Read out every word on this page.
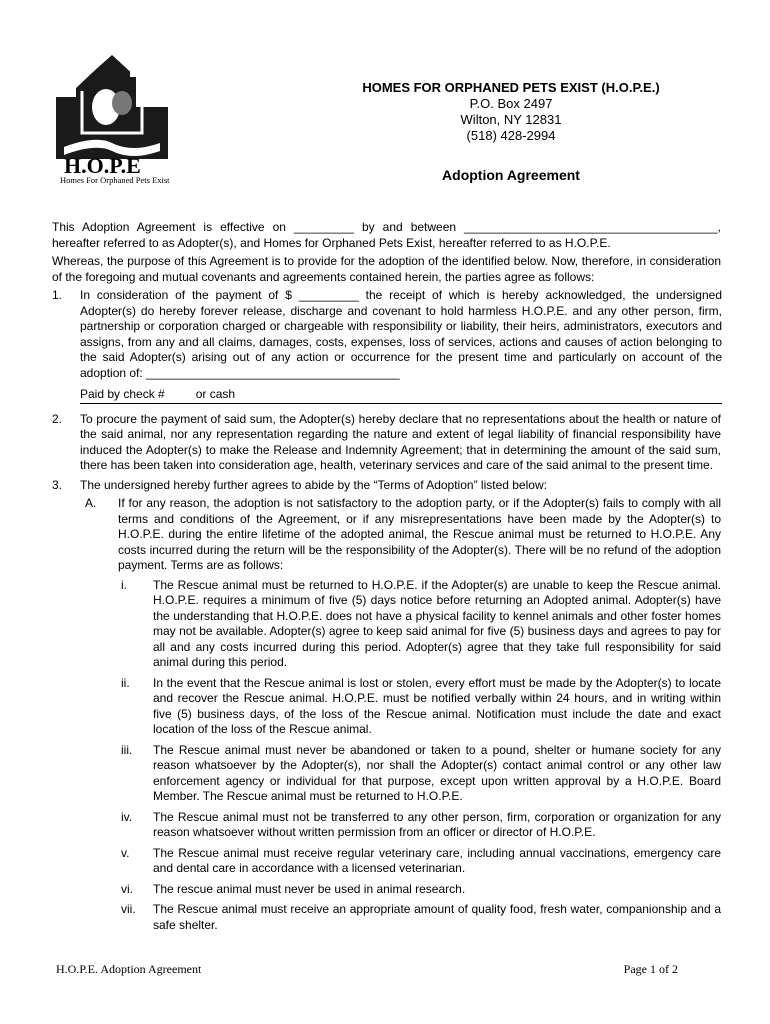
H.O.P.E
Homes For Orphaned Pets Exist
HOMES FOR ORPHANED PETS EXIST (H.O.P.E.)
P.O. Box 2497
Wilton, NY 12831
(518) 428-2994
Adoption Agreement

This Adoption Agreement is effective on _________ by and between ______________________________________, hereafter referred to as Adopter(s), and Homes for Orphaned Pets Exist, hereafter referred to as H.O.P.E.

Whereas, the purpose of this Agreement is to provide for the adoption of the identified below. Now, therefore, in consideration of the foregoing and mutual covenants and agreements contained herein, the parties agree as follows:

1.	In consideration of the payment of $ _________ the receipt of which is hereby acknowledged, the undersigned Adopter(s) do hereby forever release, discharge and covenant to hold harmless H.O.P.E. and any other person, firm, partnership or corporation charged or chargeable with responsibility or liability, their heirs, administrators, executors and assigns, from any and all claims, damages, costs, expenses, loss of services, actions and causes of action belonging to the said Adopter(s) arising out of any action or occurrence for the present time and particularly on account of the adoption of: ______________________________________
Paid by check #	or cash
2.	To procure the payment of said sum, the Adopter(s) hereby declare that no representations about the health or nature of the said animal, nor any representation regarding the nature and extent of legal liability of financial responsibility have induced the Adopter(s) to make the Release and Indemnity Agreement; that in determining the amount of the said sum, there has been taken into consideration age, health, veterinary services and care of the said animal to the present time.
3.	The undersigned hereby further agrees to abide by the “Terms of Adoption” listed below:
A.	If for any reason, the adoption is not satisfactory to the adoption party, or if the Adopter(s) fails to comply with all terms and conditions of the Agreement, or if any misrepresentations have been made by the Adopter(s) to H.O.P.E. during the entire lifetime of the adopted animal, the Rescue animal must be returned to H.O.P.E. Any costs incurred during the return will be the responsibility of the Adopter(s). There will be no refund of the adoption payment. Terms are as follows:
i.	The Rescue animal must be returned to H.O.P.E. if the Adopter(s) are unable to keep the Rescue animal. H.O.P.E. requires a minimum of five (5) days notice before returning an Adopted animal. Adopter(s) have the understanding that H.O.P.E. does not have a physical facility to kennel animals and other foster homes may not be available. Adopter(s) agree to keep said animal for five (5) business days and agrees to pay for all and any costs incurred during this period. Adopter(s) agree that they take full responsibility for said animal during this period.
ii.	In the event that the Rescue animal is lost or stolen, every effort must be made by the Adopter(s) to locate and recover the Rescue animal. H.O.P.E. must be notified verbally within 24 hours, and in writing within five (5) business days, of the loss of the Rescue animal. Notification must include the date and exact location of the loss of the Rescue animal.
iii.	The Rescue animal must never be abandoned or taken to a pound, shelter or humane society for any reason whatsoever by the Adopter(s), nor shall the Adopter(s) contact animal control or any other law enforcement agency or individual for that purpose, except upon written approval by a H.O.P.E. Board Member. The Rescue animal must be returned to H.O.P.E.
iv.	The Rescue animal must not be transferred to any other person, firm, corporation or organization for any reason whatsoever without written permission from an officer or director of H.O.P.E.
v.	The Rescue animal must receive regular veterinary care, including annual vaccinations, emergency care and dental care in accordance with a licensed veterinarian.
vi.	The rescue animal must never be used in animal research.
vii.	The Rescue animal must receive an appropriate amount of quality food, fresh water, companionship and a safe shelter.
H.O.P.E. Adoption Agreement	Page 1 of 2
